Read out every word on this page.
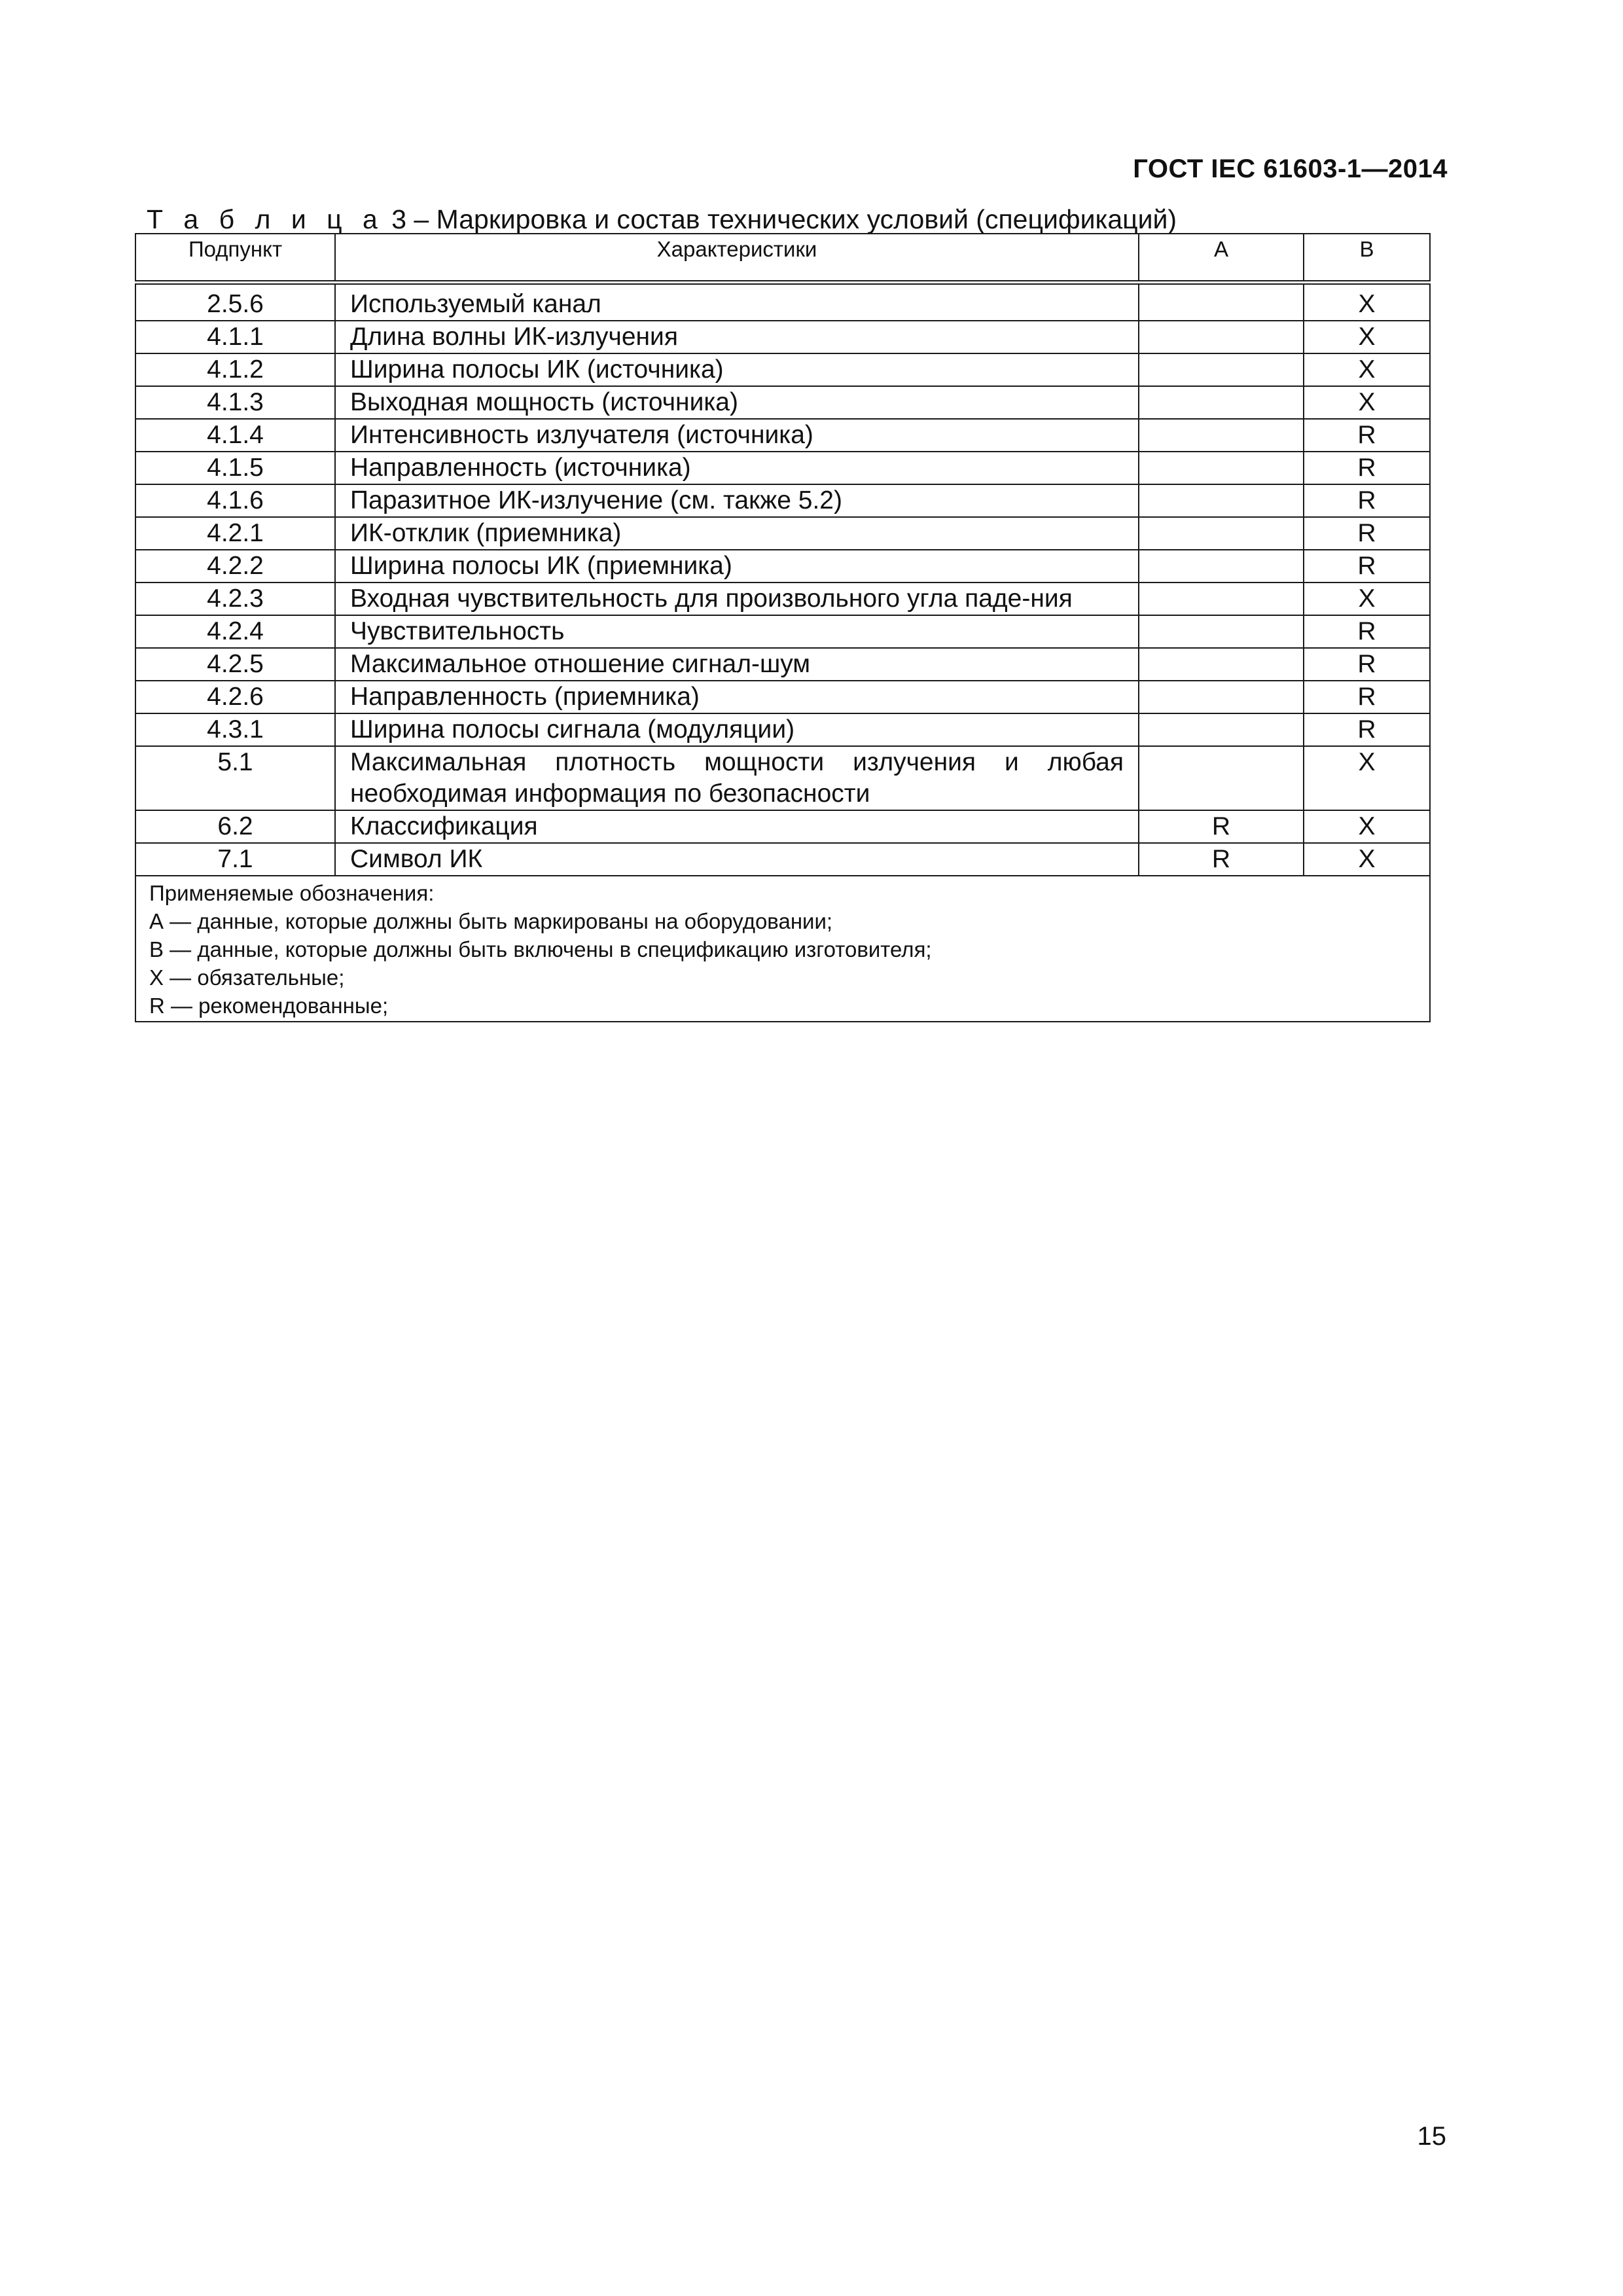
ГОСТ IEC 61603-1—2014
Т а б л и ц а 3 – Маркировка и состав технических условий (спецификаций)
Подпункт	Характеристики	А	В
2.5.6	Используемый канал		X
4.1.1	Длина волны ИК-излучения		X
4.1.2	Ширина полосы ИК (источника)		X
4.1.3	Выходная мощность (источника)		X
4.1.4	Интенсивность излучателя (источника)		R
4.1.5	Направленность (источника)		R
4.1.6	Паразитное ИК-излучение (см. также 5.2)		R
4.2.1	ИК-отклик (приемника)		R
4.2.2	Ширина полосы ИК (приемника)		R
4.2.3	Входная чувствительность для произвольного угла паде-ния		X
4.2.4	Чувствительность		R
4.2.5	Максимальное отношение сигнал-шум		R
4.2.6	Направленность (приемника)		R
4.3.1	Ширина полосы сигнала (модуляции)		R
5.1	Максимальная плотность мощности излучения и любая необходимая информация по безопасности		X
6.2	Классификация	R	X
7.1	Символ ИК	R	X

Применяемые обозначения:
А — данные, которые должны быть маркированы на оборудовании;
В — данные, которые должны быть включены в спецификацию изготовителя;
X — обязательные;
R — рекомендованные;			
15
